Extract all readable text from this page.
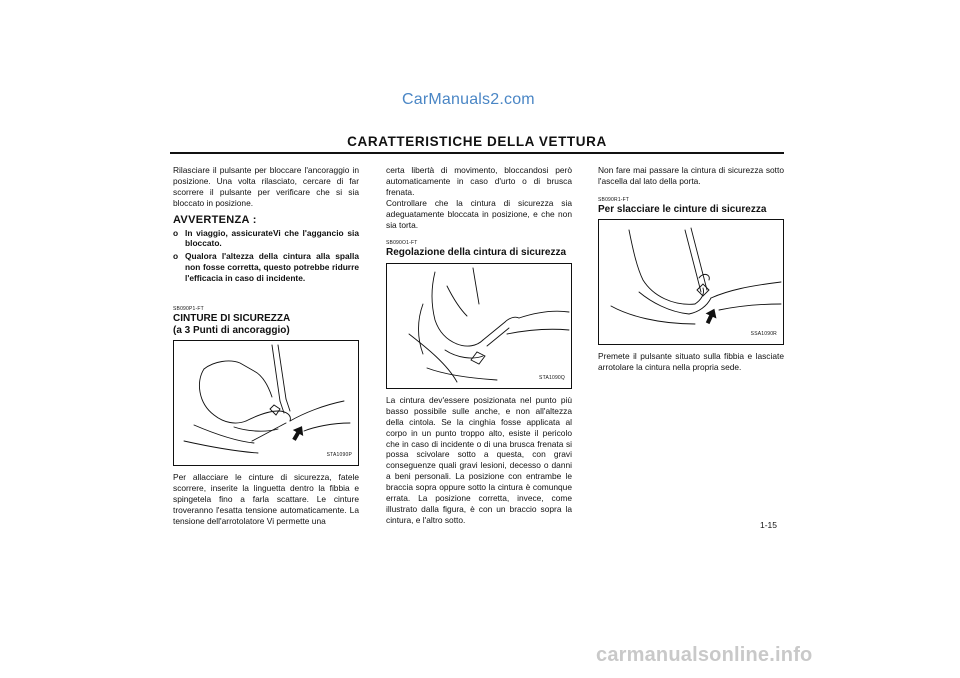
CarManuals2.com
CARATTERISTICHE DELLA VETTURA

Rilasciare il pulsante per bloccare l'ancoraggio in posizione. Una volta rilasciato, cercare di far scorrere il pulsante per verificare che si sia bloccato in posizione.

AVVERTENZA :
o In viaggio, assicurateVi che l'aggancio sia bloccato.
o Qualora l'altezza della cintura alla spalla non fosse corretta, questo potrebbe ridurre l'efficacia in caso di incidente.
SB090P1-FT
CINTURE DI SICUREZZA
(a 3 Punti di ancoraggio)
STA1090P

Per allacciare le cinture di sicurezza, fatele scorrere, inserite la linguetta dentro la fibbia e spingetela fino a farla scattare. Le cinture troveranno l'esatta tensione automaticamente. La tensione dell'arrotolatore Vi permette una

certa libertà di movimento, bloccandosi però automaticamente in caso d'urto o di brusca frenata.

Controllare che la cintura di sicurezza sia adeguatamente bloccata in posizione, e che non sia torta.

SB090O1-FT
Regolazione della cintura di sicurezza
STA1090Q

La cintura dev'essere posizionata nel punto più basso possibile sulle anche, e non all'altezza della cintola. Se la cinghia fosse applicata al corpo in un punto troppo alto, esiste il pericolo che in caso di incidente o di una brusca frenata si possa scivolare sotto a questa, con gravi conseguenze quali gravi lesioni, decesso o danni a beni personali. La posizione con entrambe le braccia sopra oppure sotto la cintura è comunque errata. La posizione corretta, invece, come illustrato dalla figura, è con un braccio sopra la cintura, e l'altro sotto.

Non fare mai passare la cintura di sicurezza sotto l'ascella dal lato della porta.

SB090R1-FT
Per slacciare le cinture di sicurezza
SSA1090R

Premete il pulsante situato sulla fibbia e lasciate arrotolare la cintura nella propria sede.

1-15
carmanualsonline.info
